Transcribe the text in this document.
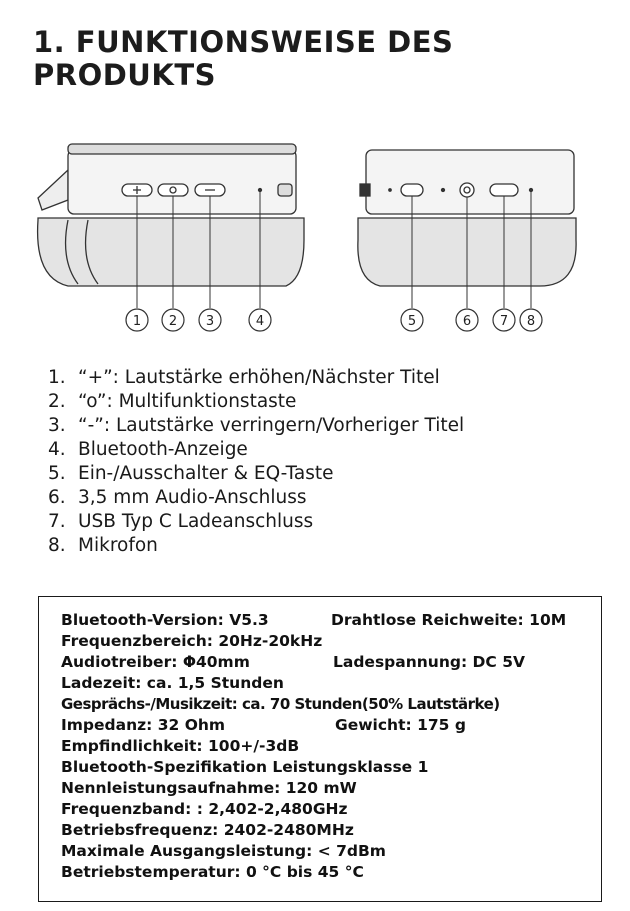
1. FUNKTIONSWEISE DES PRODUKTS
1 2 3	4	5	6 7 8
1. “+”: Lautstärke erhöhen/Nächster Titel
2. “o”: Multifunktionstaste
3. “-”: Lautstärke verringern/Vorheriger Titel
4. Bluetooth-Anzeige
5. Ein-/Ausschalter & EQ-Taste
6. 3,5 mm Audio-Anschluss
7. USB Typ C Ladeanschluss
8. Mikrofon
Bluetooth-Version: V5.3	Drahtlose Reichweite: 10M
Frequenzbereich: 20Hz-20kHz
Audiotreiber: Φ40mm	Ladespannung: DC 5V
Ladezeit: ca. 1,5 Stunden
Gesprächs-/Musikzeit: ca. 70 Stunden(50% Lautstärke)
Impedanz: 32 Ohm	Gewicht: 175 g
Empfindlichkeit: 100+/-3dB
Bluetooth-Spezifikation Leistungsklasse 1
Nennleistungsaufnahme: 120 mW
Frequenzband: : 2,402-2,480GHz
Betriebsfrequenz: 2402-2480MHz
Maximale Ausgangsleistung: < 7dBm
Betriebstemperatur: 0 °C bis 45 °C
